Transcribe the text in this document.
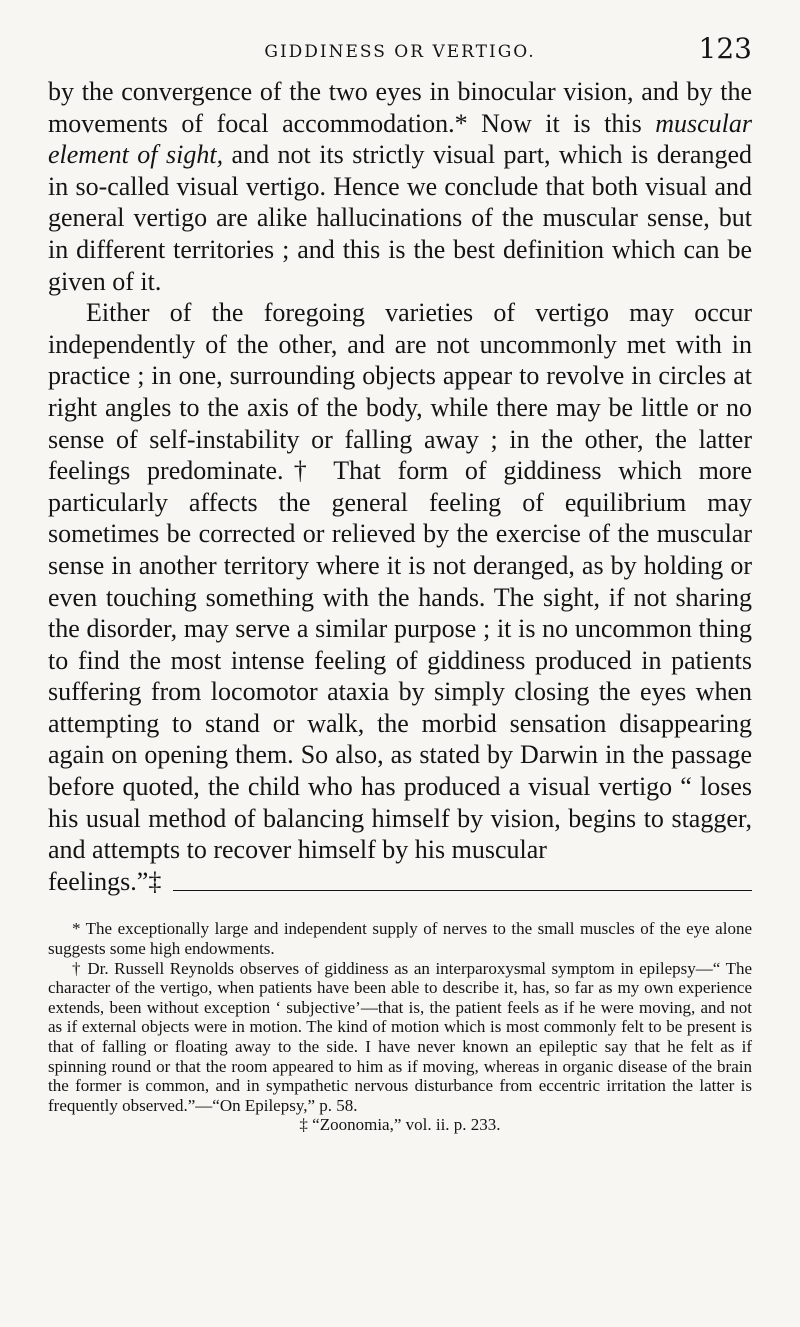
GIDDINESS OR VERTIGO.	123

by the convergence of the two eyes in binocular vision, and by the movements of focal accommodation.* Now it is this muscular element of sight, and not its strictly visual part, which is deranged in so-called visual vertigo. Hence we conclude that both visual and general vertigo are alike hallucinations of the muscular sense, but in different territories ; and this is the best definition which can be given of it.

Either of the foregoing varieties of vertigo may occur independently of the other, and are not uncommonly met with in practice ; in one, surrounding objects appear to revolve in circles at right angles to the axis of the body, while there may be little or no sense of self-instability or falling away ; in the other, the latter feelings predominate.† That form of giddiness which more particularly affects the general feeling of equilibrium may sometimes be corrected or relieved by the exercise of the muscular sense in another territory where it is not deranged, as by holding or even touching something with the hands. The sight, if not sharing the disorder, may serve a similar purpose ; it is no uncommon thing to find the most intense feeling of giddiness produced in patients suffering from locomotor ataxia by simply closing the eyes when attempting to stand or walk, the morbid sensation disappearing again on opening them. So also, as stated by Darwin in the passage before quoted, the child who has produced a visual vertigo “ loses his usual method of balancing himself by vision, begins to stagger, and attempts to recover himself by his muscular

feelings.”‡

* The exceptionally large and independent supply of nerves to the small muscles of the eye alone suggests some high endowments.

† Dr. Russell Reynolds observes of giddiness as an interparoxysmal symptom in epilepsy—“ The character of the vertigo, when patients have been able to describe it, has, so far as my own experience extends, been without exception ‘ subjective’—that is, the patient feels as if he were moving, and not as if external objects were in motion. The kind of motion which is most commonly felt to be present is that of falling or floating away to the side. I have never known an epileptic say that he felt as if spinning round or that the room appeared to him as if moving, whereas in organic disease of the brain the former is common, and in sympathetic nervous disturbance from eccentric irritation the latter is frequently observed.”—“On Epilepsy,” p. 58.

‡ “Zoonomia,” vol. ii. p. 233.
